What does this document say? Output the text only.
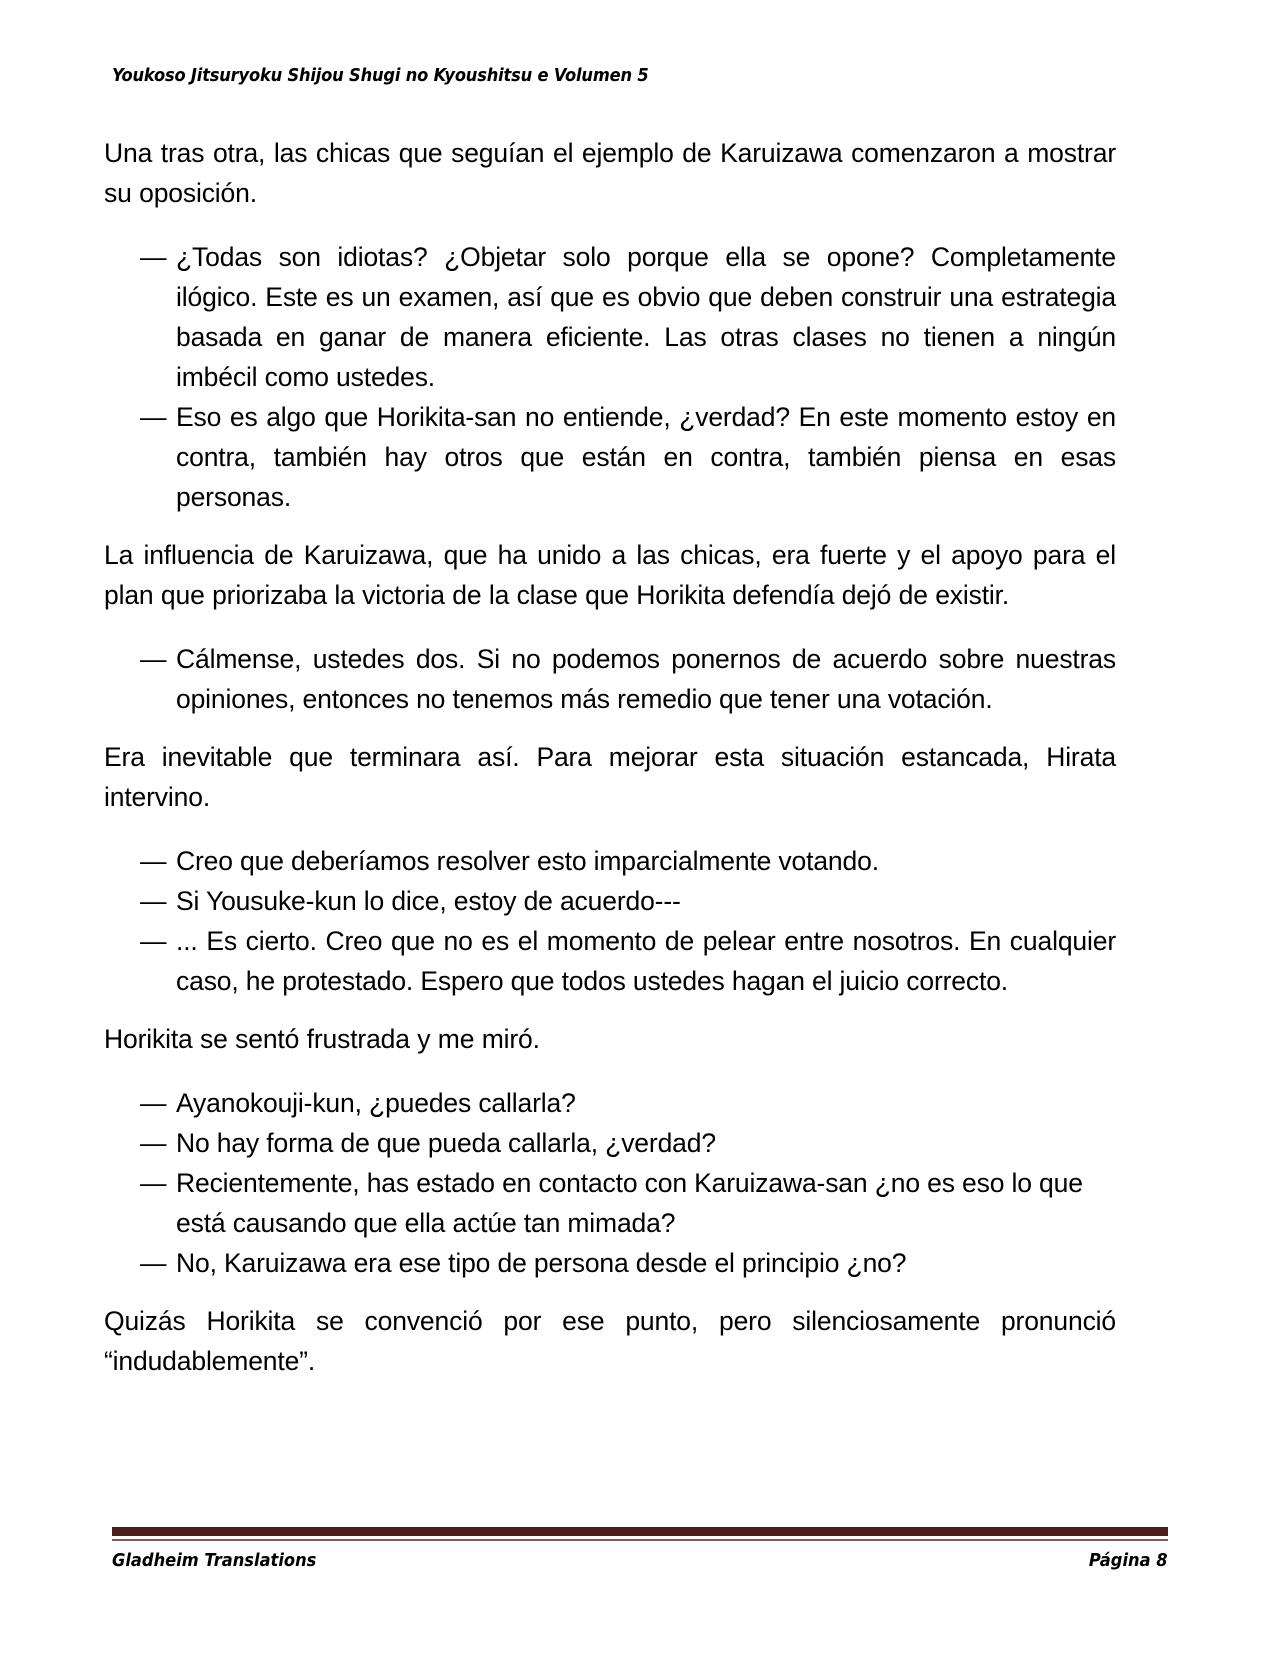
Youkoso Jitsuryoku Shijou Shugi no Kyoushitsu e Volumen 5

Una tras otra, las chicas que seguían el ejemplo de Karuizawa comenzaron a mostrar su oposición.

— ¿Todas son idiotas? ¿Objetar solo porque ella se opone? Completamente ilógico. Este es un examen, así que es obvio que deben construir una estrategia basada en ganar de manera eficiente. Las otras clases no tienen a ningún imbécil como ustedes.
— Eso es algo que Horikita-san no entiende, ¿verdad? En este momento estoy en contra, también hay otros que están en contra, también piensa en esas personas.

La influencia de Karuizawa, que ha unido a las chicas, era fuerte y el apoyo para el plan que priorizaba la victoria de la clase que Horikita defendía dejó de existir.

— Cálmense, ustedes dos. Si no podemos ponernos de acuerdo sobre nuestras opiniones, entonces no tenemos más remedio que tener una votación.

Era inevitable que terminara así. Para mejorar esta situación estancada, Hirata intervino.

— Creo que deberíamos resolver esto imparcialmente votando.
— Si Yousuke-kun lo dice, estoy de acuerdo---
— ... Es cierto. Creo que no es el momento de pelear entre nosotros. En cualquier caso, he protestado. Espero que todos ustedes hagan el juicio correcto.

Horikita se sentó frustrada y me miró.

— Ayanokouji-kun, ¿puedes callarla?
— No hay forma de que pueda callarla, ¿verdad?
— Recientemente, has estado en contacto con Karuizawa-san ¿no es eso lo que está causando que ella actúe tan mimada?
— No, Karuizawa era ese tipo de persona desde el principio ¿no?

Quizás Horikita se convenció por ese punto, pero silenciosamente pronunció “indudablemente”.

Gladheim Translations	Página 8
